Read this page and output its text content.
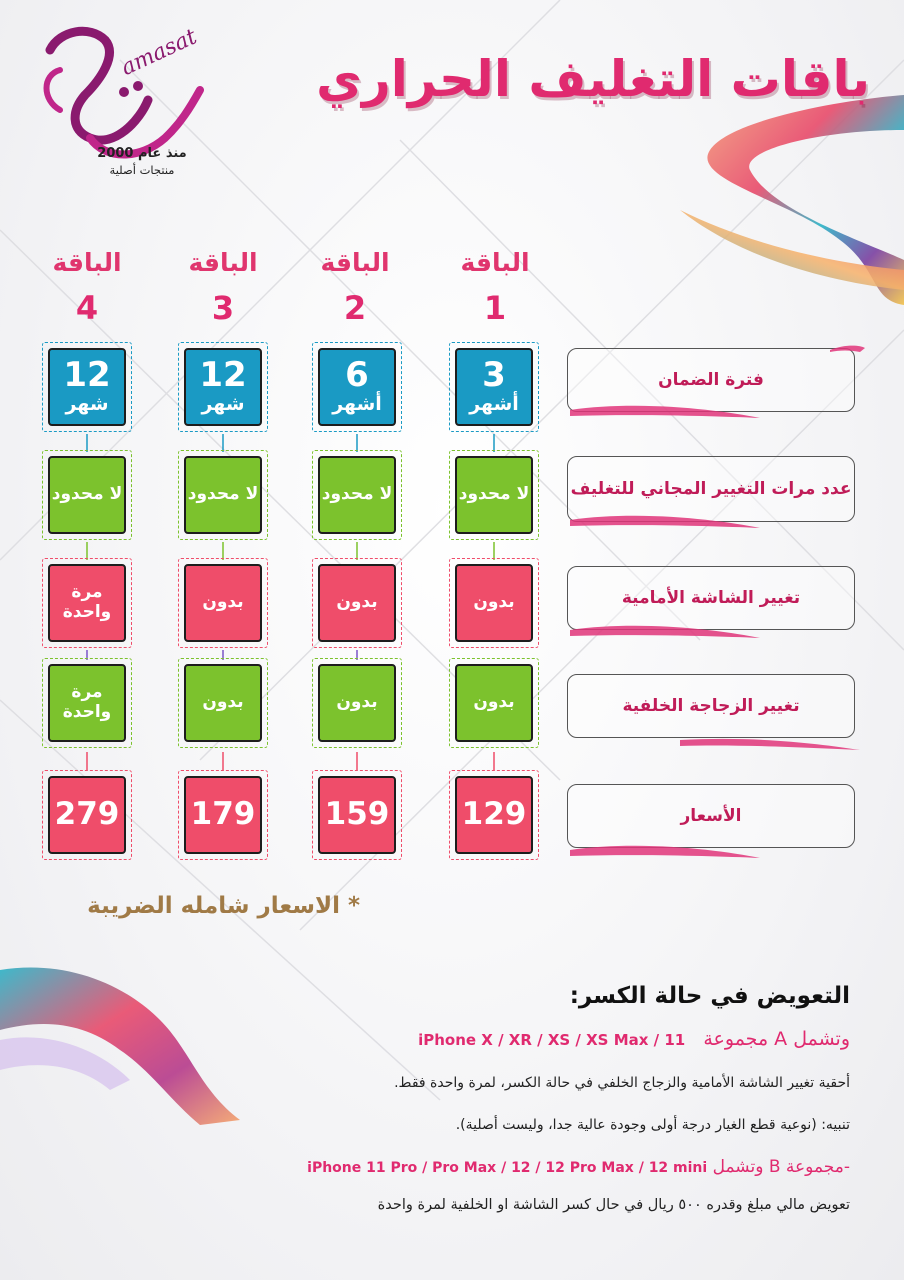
amasat
منذ عام 2000
منتجات أصلية
باقات التغليف الحراري
الباقة
1
الباقة
2
الباقة
3
الباقة
4
3
أشهر
لا محدود
بدون
بدون
129
6
أشهر
لا محدود
بدون
بدون
159
12
شهر
لا محدود
بدون
بدون
179
12
شهر
لا محدود
مرة واحدة
مرة واحدة
279
فترة الضمان
عدد مرات التغيير المجاني للتغليف
تغيير الشاشة الأمامية
تغيير الزجاجة الخلفية
الأسعار
* الاسعار شامله الضريبة
التعويض في حالة الكسر:
وتشمل A مجموعة   iPhone X / XR / XS / XS Max / 11
أحقية تغيير الشاشة الأمامية والزجاج الخلفي في حالة الكسر، لمرة واحدة فقط.
تنبيه: (نوعية قطع الغيار درجة أولى وجودة عالية جدا، وليست أصلية).
-مجموعة B وتشمل iPhone 11 Pro / Pro Max / 12 / 12 Pro Max / 12 mini
تعويض مالي مبلغ وقدره ٥٠٠ ريال في حال كسر الشاشة او الخلفية لمرة واحدة
